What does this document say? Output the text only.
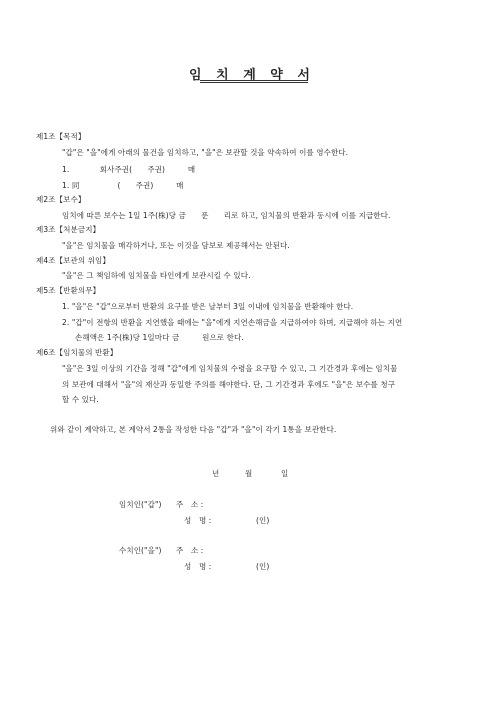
임 치 계 약 서
제1조【목적】
"갑"은 "을"에게 아래의 물건을 임치하고, "을"은 보관할 것을 약속하여 이를 영수한다.
1.　　　　회사주권(　　주권)　　　매
1. 同　　　　　(　　주권)　　　매
제2조【보수】
임치에 따른 보수는 1일 1주(株)당 금　　푼　　리로 하고, 임치물의 반환과 동시에 이를 지급한다.
제3조【처분금지】
"을"은 임치물을 매각하거나, 또는 이것을 담보로 제공해서는 안된다.
제4조【보관의 위임】
"을"은 그 책임하에 임치물을 타인에게 보관시킬 수 있다.
제5조【반환의무】
1. "을"은 "갑"으로부터 반환의 요구를 받은 날부터 3일 이내에 임치물을 반환해야 한다.
2. "갑"이 전항의 반환을 지연했을 때에는 "을"에게 지연손해금을 지급하여야 하며, 지급해야 하는 지연
손해액은 1주(株)당 1일마다 금　　　원으로 한다.
제6조【임치물의 반환】
"을"은 3일 이상의 기간을 정해 "갑"에게 임치물의 수령을 요구할 수 있고, 그 기간경과 후에는 임치물
의 보관에 대해서 "을"의 재산과 동일한 주의를 해야한다. 단, 그 기간경과 후에도 "을"은 보수를 청구
할 수 있다.
위와 같이 계약하고, 본 계약서 2통을 작성한 다음 "갑"과 "을"이 각기 1통을 보관한다.
년	월	일
임치인("갑") 주　소 :
성　명 :	(인)
수치인("을") 주　소 :
성　명 :	(인)
